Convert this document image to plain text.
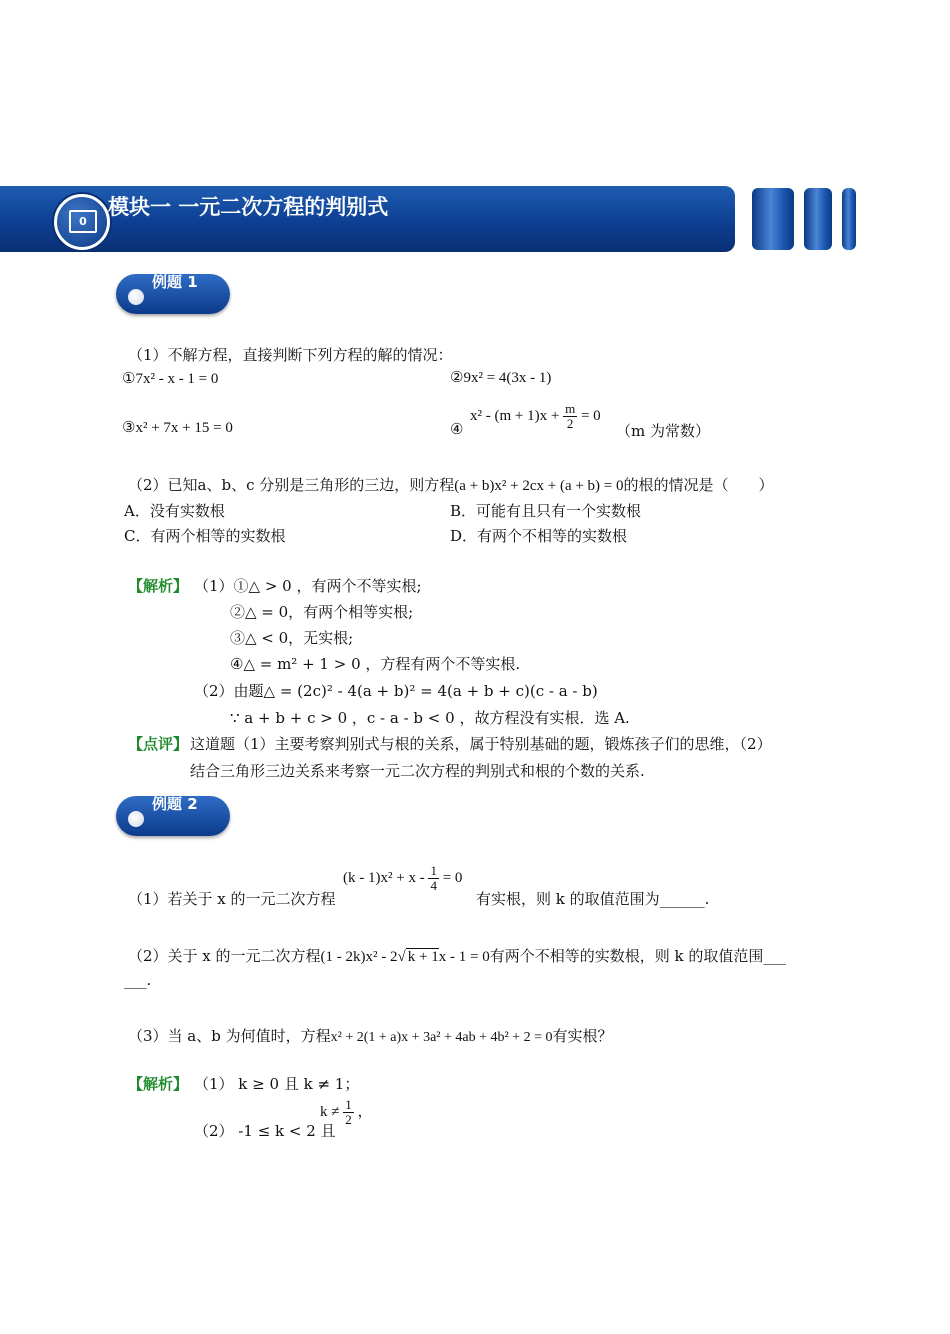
0
模块一 一元二次方程的判别式
例题 1
（1）不解方程，直接判断下列方程的解的情况：
①7x² - x - 1 = 0	②9x² = 4(3x - 1)
③x² + 7x + 15 = 0	④
$x^2 - (m + 1)x + \frac{m}{2} = 0$
（m 为常数）
（2）已知a、b、c 分别是三角形的三边，则方程(a + b)x² + 2cx + (a + b) = 0的根的情况是（　　）
A．没有实数根	B．可能有且只有一个实数根
C．有两个相等的实数根	D．有两个不相等的实数根
【解析】 （1）①△ > 0 ，有两个不等实根;
②△ = 0，有两个相等实根;
③△ < 0，无实根;
④△ = m² + 1 > 0 ，方程有两个不等实根.
（2）由题△ = (2c)² - 4(a + b)² = 4(a + b + c)(c - a - b)
∵ a + b + c > 0 ，c - a - b < 0 ，故方程没有实根．选 A.
【点评】 这道题（1）主要考察判别式与根的关系，属于特别基础的题，锻炼孩子们的思维，（2）
结合三角形三边关系来考察一元二次方程的判别式和根的个数的关系.
例题 2
（1）若关于 x 的一元二次方程
$(k - 1)x^2 + x - \frac{1}{4} = 0$
有实根，则 k 的取值范围为______.
（2）关于 x 的一元二次方程(1 - 2k)x² - 2√ k + 1x - 1 = 0有两个不相等的实数根，则 k 的取值范围___
___.
（3）当 a、b 为何值时，方程x² + 2(1 + a)x + 3a² + 4ab + 4b² + 2 = 0有实根？
【解析】 （1） k ≥ 0 且 k ≠ 1；
（2） -1 ≤ k < 2 且
$k \ne \frac{1}{2}$ ，
